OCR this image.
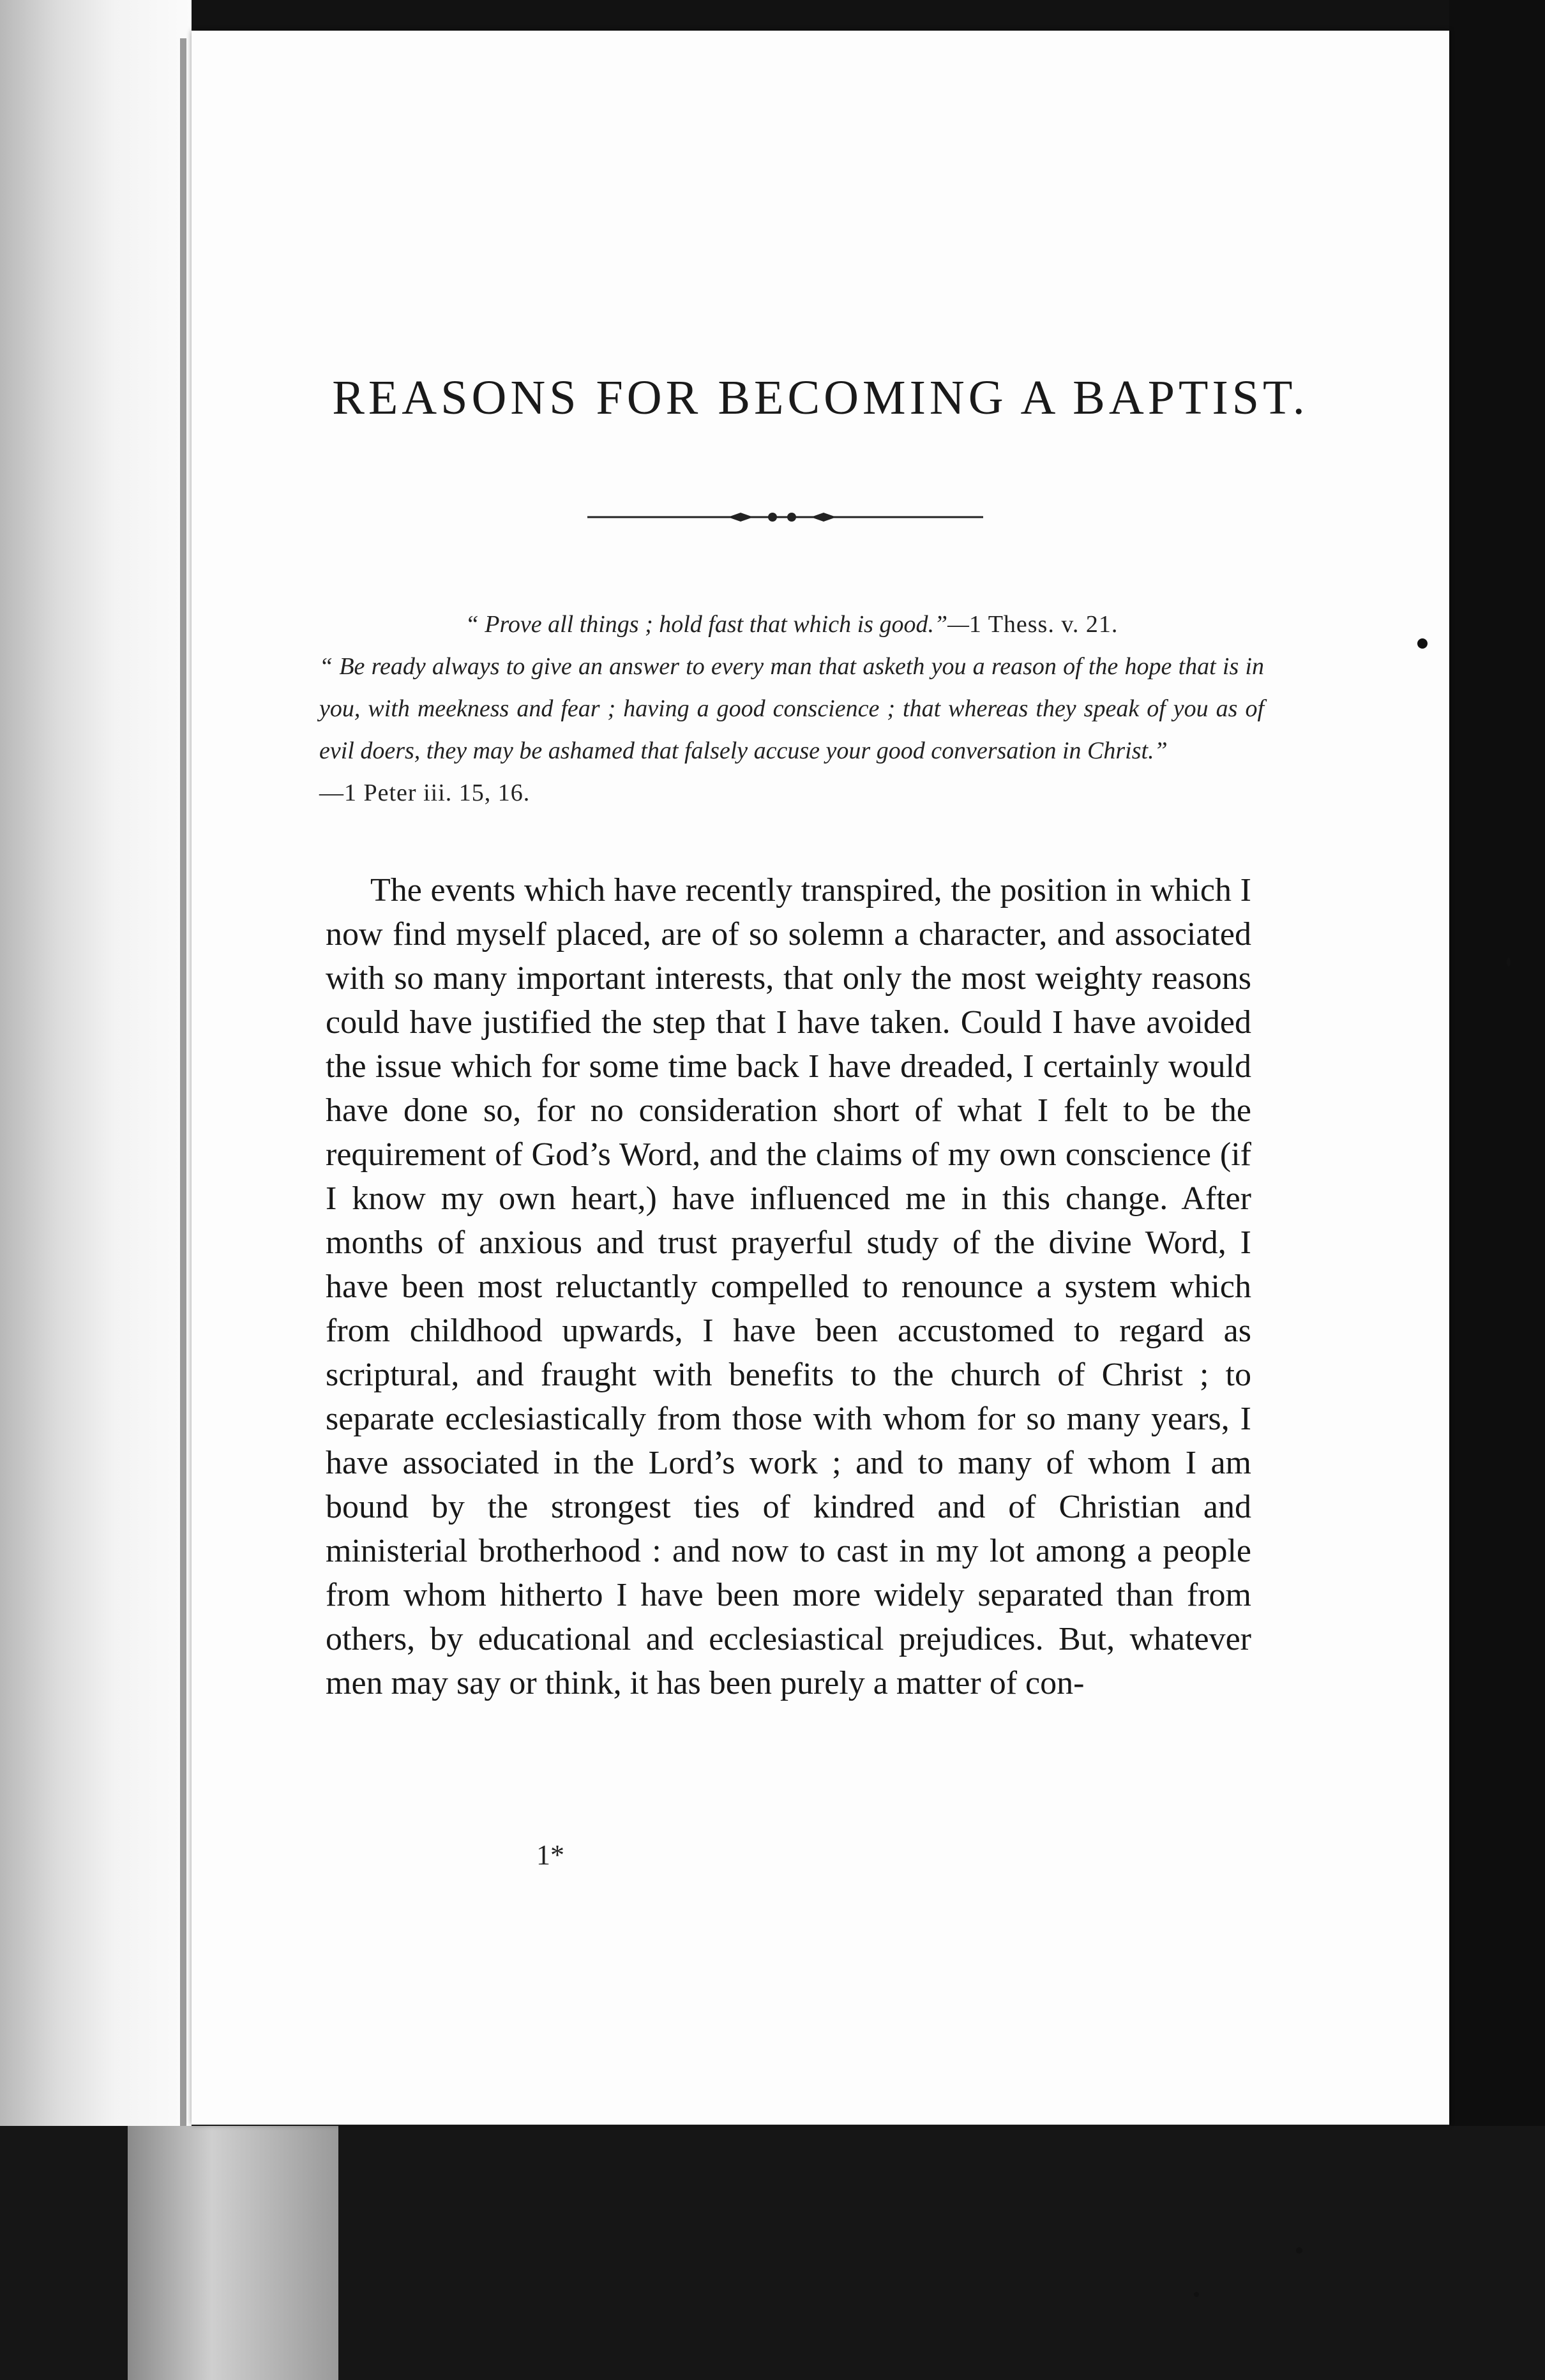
REASONS FOR BECOMING A BAPTIST.
“ Prove all things ; hold fast that which is good.”—1 Thess. v. 21.
“ Be ready always to give an answer to every man that asketh you a reason of the hope that is in you, with meekness and fear ; having a good conscience ; that whereas they speak of you as of evil doers, they may be ashamed that falsely accuse your good conversation in Christ.”
—1 Peter iii. 15, 16.

The events which have recently transpired, the position in which I now find myself placed, are of so solemn a character, and associated with so many important interests, that only the most weighty reasons could have justified the step that I have taken. Could I have avoided the issue which for some time back I have dreaded, I certainly would have done so, for no consideration short of what I felt to be the requirement of God’s Word, and the claims of my own conscience (if I know my own heart,) have influenced me in this change. After months of anxious and trust prayerful study of the divine Word, I have been most reluctantly compelled to renounce a system which from childhood upwards, I have been accustomed to regard as scriptural, and fraught with benefits to the church of Christ ; to separate ecclesiastically from those with whom for so many years, I have associated in the Lord’s work ; and to many of whom I am bound by the strongest ties of kindred and of Christian and ministerial brotherhood : and now to cast in my lot among a people from whom hitherto I have been more widely separated than from others, by educational and ecclesiastical prejudices. But, whatever men may say or think, it has been purely a matter of con-

1*
